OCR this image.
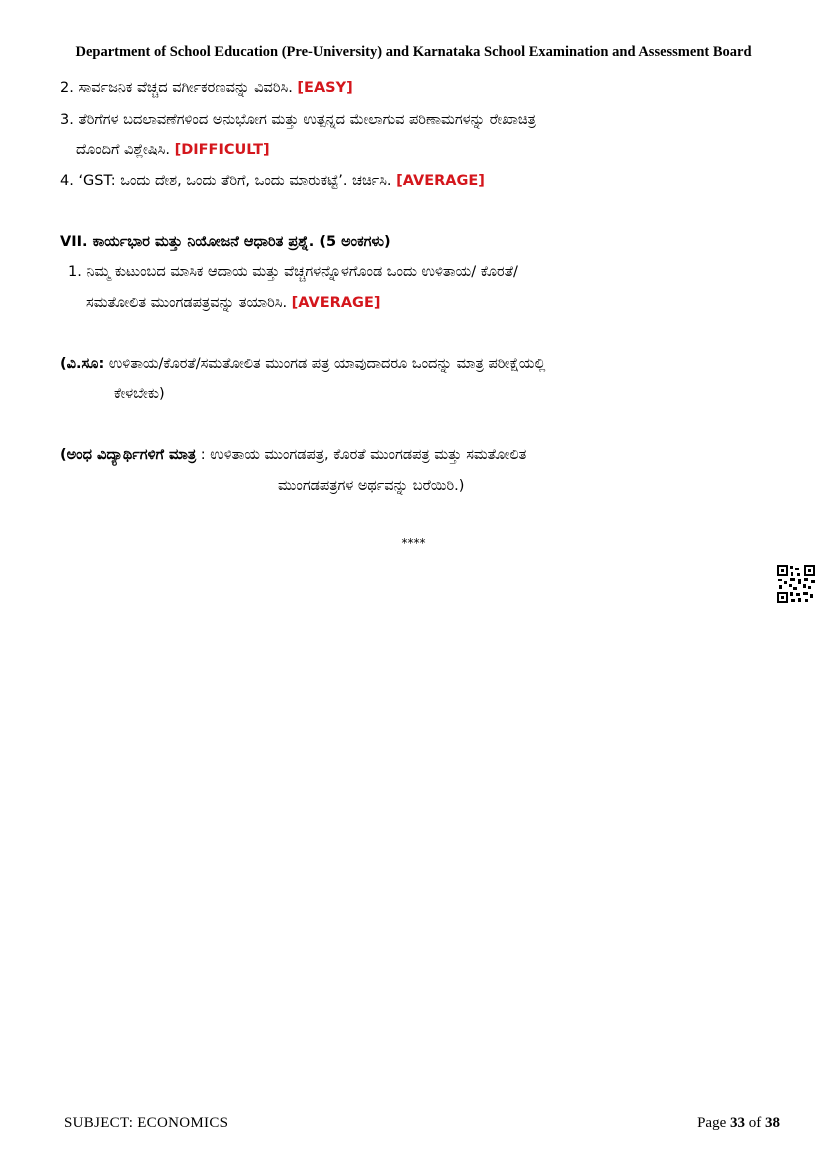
Department of School Education (Pre-University) and Karnataka School Examination and Assessment Board
2. ಸಾರ್ವಜನಿಕ ವೆಚ್ಚದ ವರ್ಗೀಕರಣವನ್ನು ವಿವರಿಸಿ. [EASY]
3. ತೆರಿಗೆಗಳ ಬದಲಾವಣೆಗಳಿಂದ ಅನುಭೋಗ ಮತ್ತು ಉತ್ಪನ್ನದ ಮೇಲಾಗುವ ಪರಿಣಾಮಗಳನ್ನು ರೇಖಾಚಿತ್ರ
ದೊಂದಿಗೆ ವಿಶ್ಲೇಷಿಸಿ. [DIFFICULT]
4. ‘GST: ಒಂದು ದೇಶ, ಒಂದು ತೆರಿಗೆ, ಒಂದು ಮಾರುಕಟ್ಟೆ’. ಚರ್ಚಿಸಿ. [AVERAGE]
VII. ಕಾರ್ಯಭಾರ ಮತ್ತು ನಿಯೋಜನೆ ಆಧಾರಿತ ಪ್ರಶ್ನೆ. (5 ಅಂಕಗಳು)
1. ನಿಮ್ಮ ಕುಟುಂಬದ ಮಾಸಿಕ ಆದಾಯ ಮತ್ತು ವೆಚ್ಚಗಳನ್ನೊಳಗೊಂಡ ಒಂದು ಉಳಿತಾಯ/ ಕೊರತೆ/
ಸಮತೋಲಿತ ಮುಂಗಡಪತ್ರವನ್ನು ತಯಾರಿಸಿ. [AVERAGE]
(ವಿ.ಸೂ: ಉಳಿತಾಯ/ಕೊರತೆ/ಸಮತೋಲಿತ ಮುಂಗಡ ಪತ್ರ ಯಾವುದಾದರೂ ಒಂದನ್ನು ಮಾತ್ರ ಪರೀಕ್ಷೆಯಲ್ಲಿ
ಕೇಳಬೇಕು)
(ಅಂಧ ವಿದ್ಯಾರ್ಥಿಗಳಿಗೆ ಮಾತ್ರ : ಉಳಿತಾಯ ಮುಂಗಡಪತ್ರ, ಕೊರತೆ ಮುಂಗಡಪತ್ರ ಮತ್ತು ಸಮತೋಲಿತ
ಮುಂಗಡಪತ್ರಗಳ ಅರ್ಥವನ್ನು ಬರೆಯಿರಿ.)
****
SUBJECT: ECONOMICS	Page 33 of 38
